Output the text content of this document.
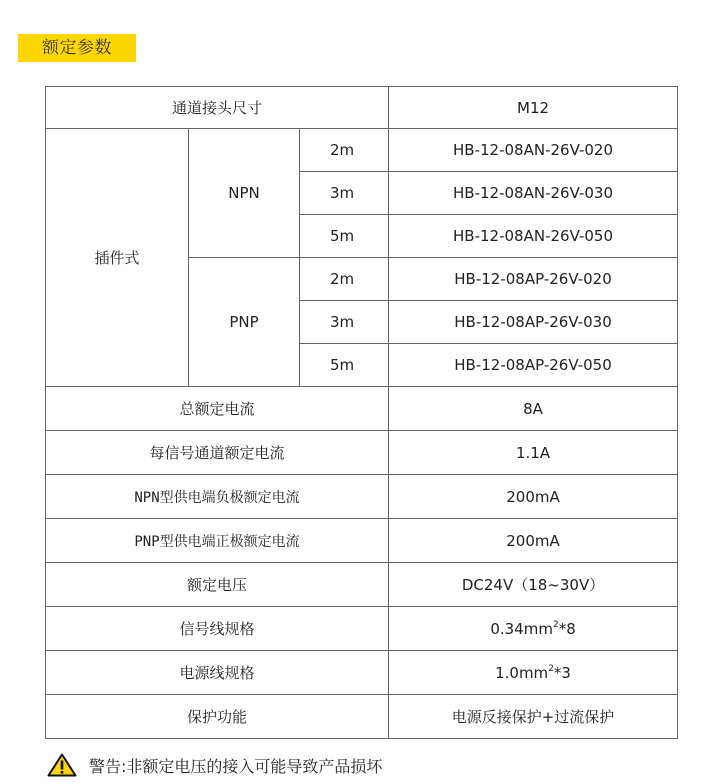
额定参数
通道接头尺寸			M12
插件式	NPN	2m	HB-12-08AN-26V-020
		3m	HB-12-08AN-26V-030
		5m	HB-12-08AN-26V-050
	PNP	2m	HB-12-08AP-26V-020
		3m	HB-12-08AP-26V-030
		5m	HB-12-08AP-26V-050
总额定电流			8A
每信号通道额定电流			1.1A
NPN型供电端负极额定电流			200mA
PNP型供电端正极额定电流			200mA
额定电压			DC24V（18~30V）
信号线规格			$0.34mm^2*8$
电源线规格			$1.0mm^2*3$
保护功能			电源反接保护+过流保护
警告:非额定电压的接入可能导致产品损坏
